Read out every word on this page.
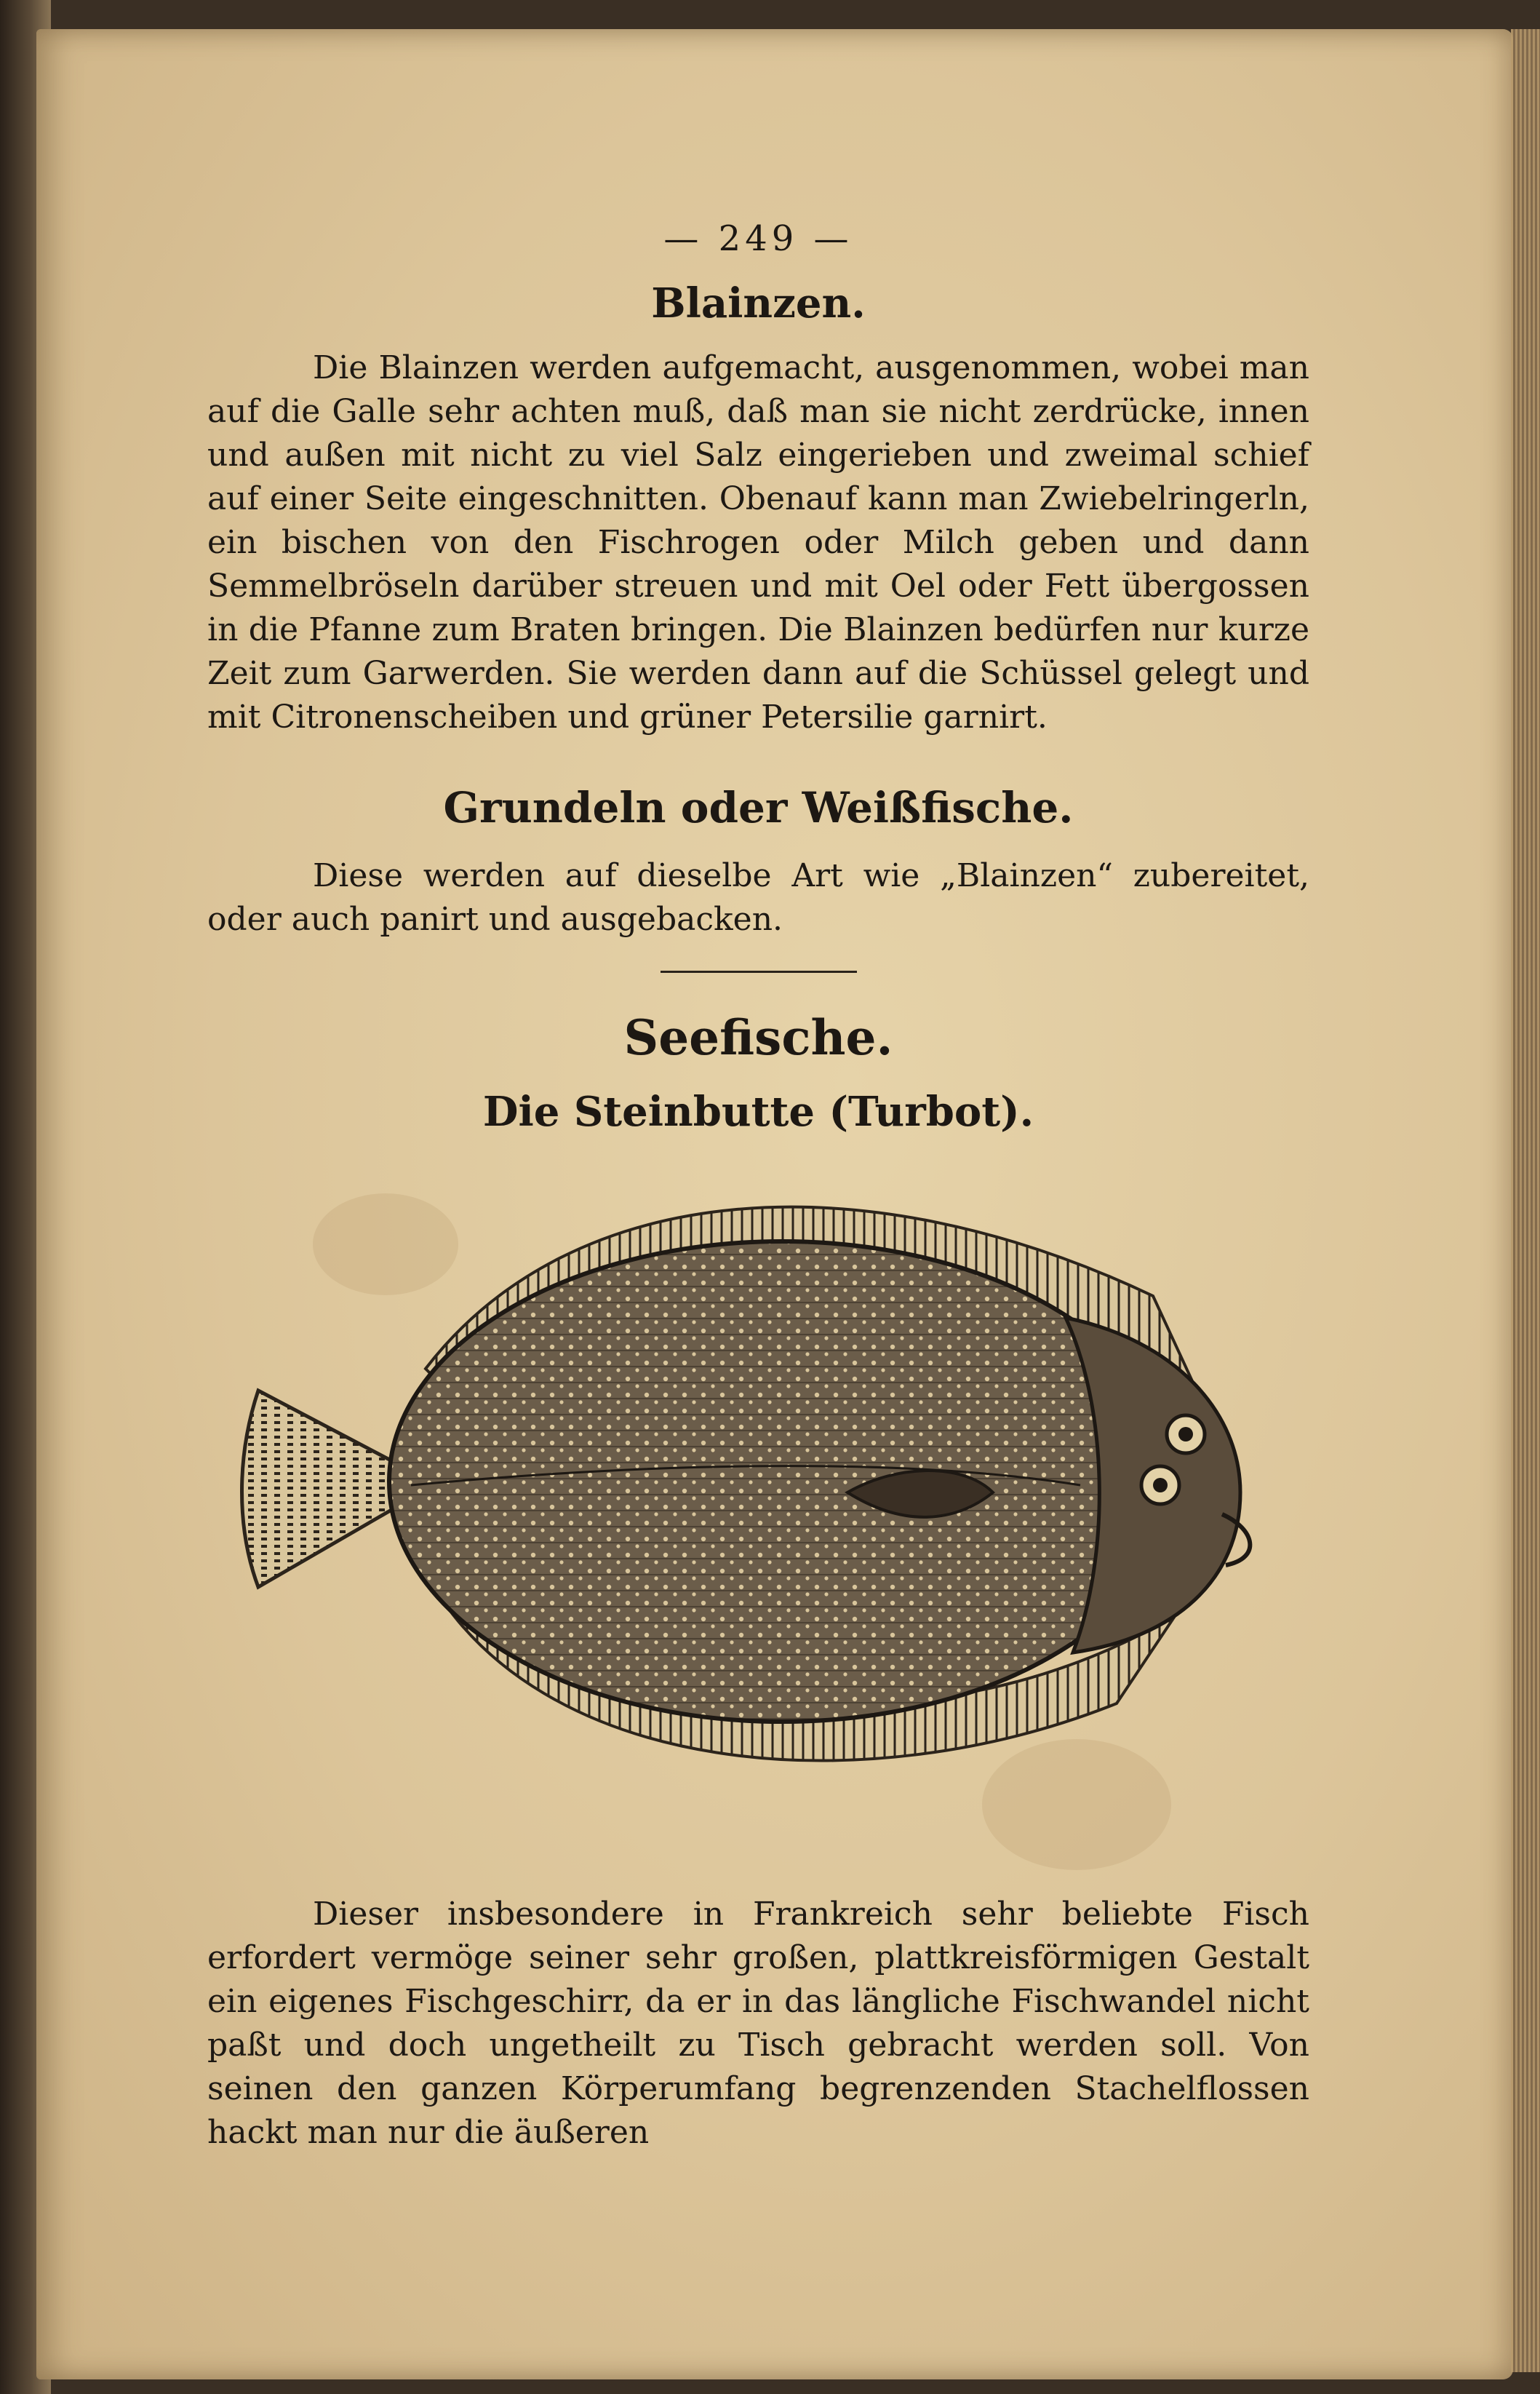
— 249 —
Blainzen.

Die Blainzen werden aufgemacht, ausgenommen, wobei man auf die Galle sehr achten muß, daß man sie nicht zerdrücke, innen und außen mit nicht zu viel Salz eingerieben und zweimal schief auf einer Seite eingeschnitten. Obenauf kann man Zwiebelringerln, ein bischen von den Fischrogen oder Milch geben und dann Semmelbröseln darüber streuen und mit Oel oder Fett übergossen in die Pfanne zum Braten bringen. Die Blainzen bedürfen nur kurze Zeit zum Garwerden. Sie werden dann auf die Schüssel gelegt und mit Citronenscheiben und grüner Petersilie garnirt.

Grundeln oder Weißfische.

Diese werden auf dieselbe Art wie „Blainzen“ zubereitet, oder auch panirt und ausgebacken.

Seefische.
Die Steinbutte (Turbot).

Dieser insbesondere in Frankreich sehr beliebte Fisch erfordert vermöge seiner sehr großen, plattkreisförmigen Gestalt ein eigenes Fischgeschirr, da er in das längliche Fischwandel nicht paßt und doch ungetheilt zu Tisch gebracht werden soll. Von seinen den ganzen Körperumfang begrenzenden Stachelflossen hackt man nur die äußeren
